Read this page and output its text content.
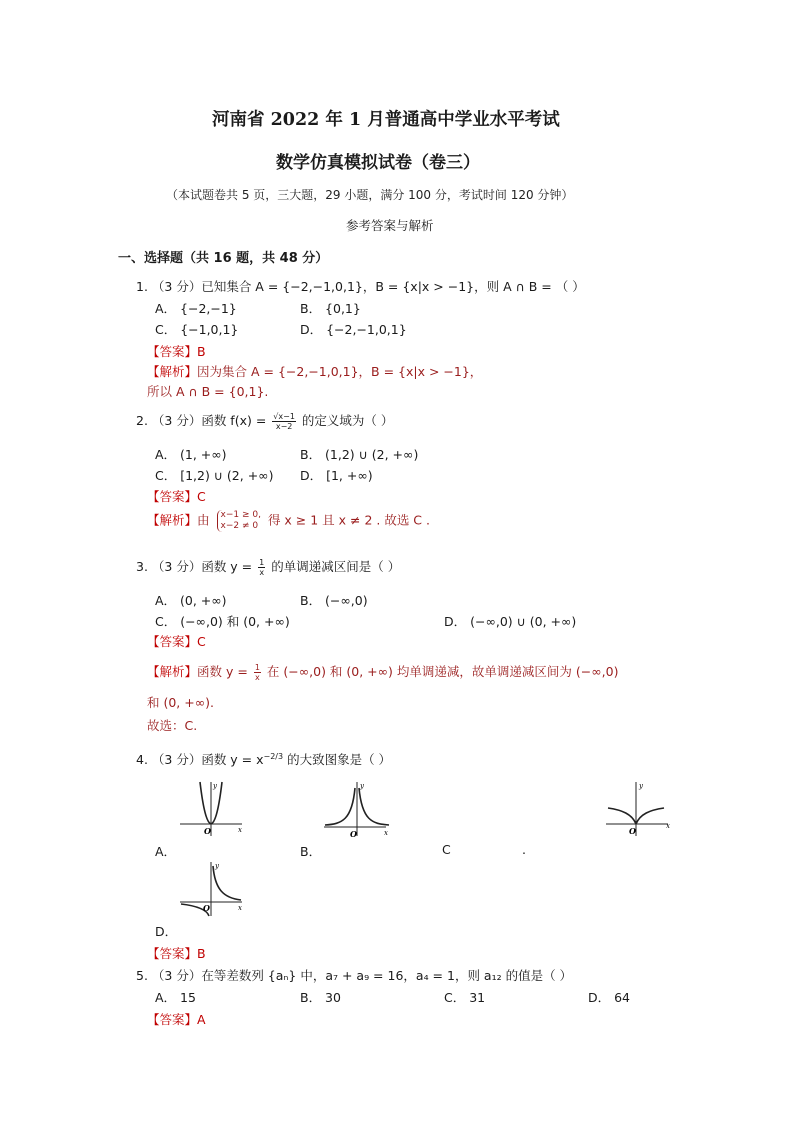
河南省 2022 年 1 月普通高中学业水平考试
数学仿真模拟试卷（卷三）
（本试题卷共 5 页，三大题，29 小题，满分 100 分，考试时间 120 分钟）
参考答案与解析
一、选择题（共 16 题，共 48 分）
1. （3 分）已知集合 A = {−2,−1,0,1}，B = {x|x > −1}，则 A ∩ B = （ ）
A． {−2,−1}	B． {0,1}
C． {−1,0,1}	D． {−2,−1,0,1}
【答案】B
【解析】因为集合 A = {−2,−1,0,1}，B = {x|x > −1}，
所以 A ∩ B = {0,1}.
2. （3 分）函数 $f(x) = \frac{√x-1}{x-2}$ 的定义域为（ ）
A． (1, +∞)	B． (1,2) ∪ (2, +∞)
C． [1,2) ∪ (2, +∞) D． [1, +∞)
【答案】C
【解析】由 x−1 ≥ 0,
x−2 ≠ 0 得 x ≥ 1 且 x ≠ 2 . 故选 C .
3. （3 分）函数 $y = \frac{1}{x}$ 的单调递减区间是（ ）
A． (0, +∞)	B． (−∞,0)
C． (−∞,0) 和 (0, +∞)	D． (−∞,0) ∪ (0, +∞)
【答案】C
【解析】函数 $y = \frac{1}{x}$ 在 (−∞,0) 和 (0, +∞) 均单调递减，故单调递减区间为 (−∞,0)
和 (0, +∞).
故选：C.
4. （3 分）函数 $y = x^{-2/3}$ 的大致图象是（ ）
y
x
O
A．
y
x
O
B．
y
x
O
C	.
y
x
O
D．
【答案】B
5. （3 分）在等差数列 {aₙ} 中，a₇ + a₉ = 16，a₄ = 1，则 a₁₂ 的值是（ ）
A． 15	B． 30	C． 31	D． 64
【答案】A
